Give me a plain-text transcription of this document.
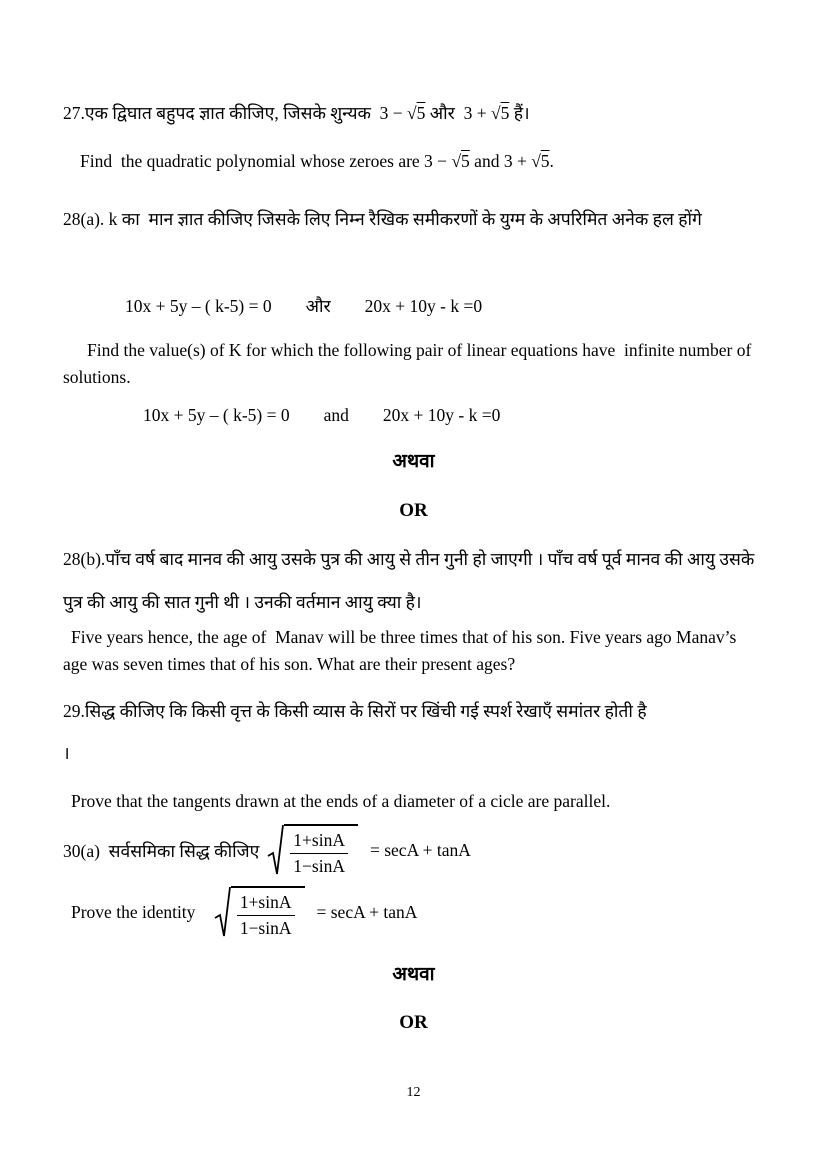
27.एक द्विघात बहुपद ज्ञात कीजिए, जिसके शुन्यक  3 − √5 और  3 + √5 हैं।

Find  the quadratic polynomial whose zeroes are 3 − √5 and 3 + √5.

28(a). k का  मान ज्ञात कीजिए जिसके लिए निम्न रैखिक समीकरणों के युग्म के अपरिमित अनेक हल होंगे

10x + 5y – ( k-5) = 0 और 20x + 10y - k =0

Find the value(s) of K for which the following pair of linear equations have  infinite number of solutions.

10x + 5y – ( k-5) = 0 and 20x + 10y - k =0

अथवा

OR

28(b).पाँच वर्ष बाद मानव की आयु उसके पुत्र की आयु से तीन गुनी हो जाएगी । पाँच वर्ष पूर्व मानव की आयु उसके पुत्र की आयु की सात गुनी थी । उनकी वर्तमान आयु क्या है।

Five years hence, the age of  Manav will be three times that of his son. Five years ago Manav’s age was seven times that of his son. What are their present ages?

29.सिद्ध कीजिए कि किसी वृत्त के किसी व्यास के सिरों पर खिंची गई स्पर्श रेखाएँ समांतर होती है

।

Prove that the tangents drawn at the ends of a diameter of a cicle are parallel.

30(a)  सर्वसमिका सिद्ध कीजिए $\frac{1+\sin A}{1-\sin A} = \sec A + \tan A$
Prove the identity $\frac{1+\sin A}{1-\sin A} = \sec A + \tan A$

अथवा

OR

12
